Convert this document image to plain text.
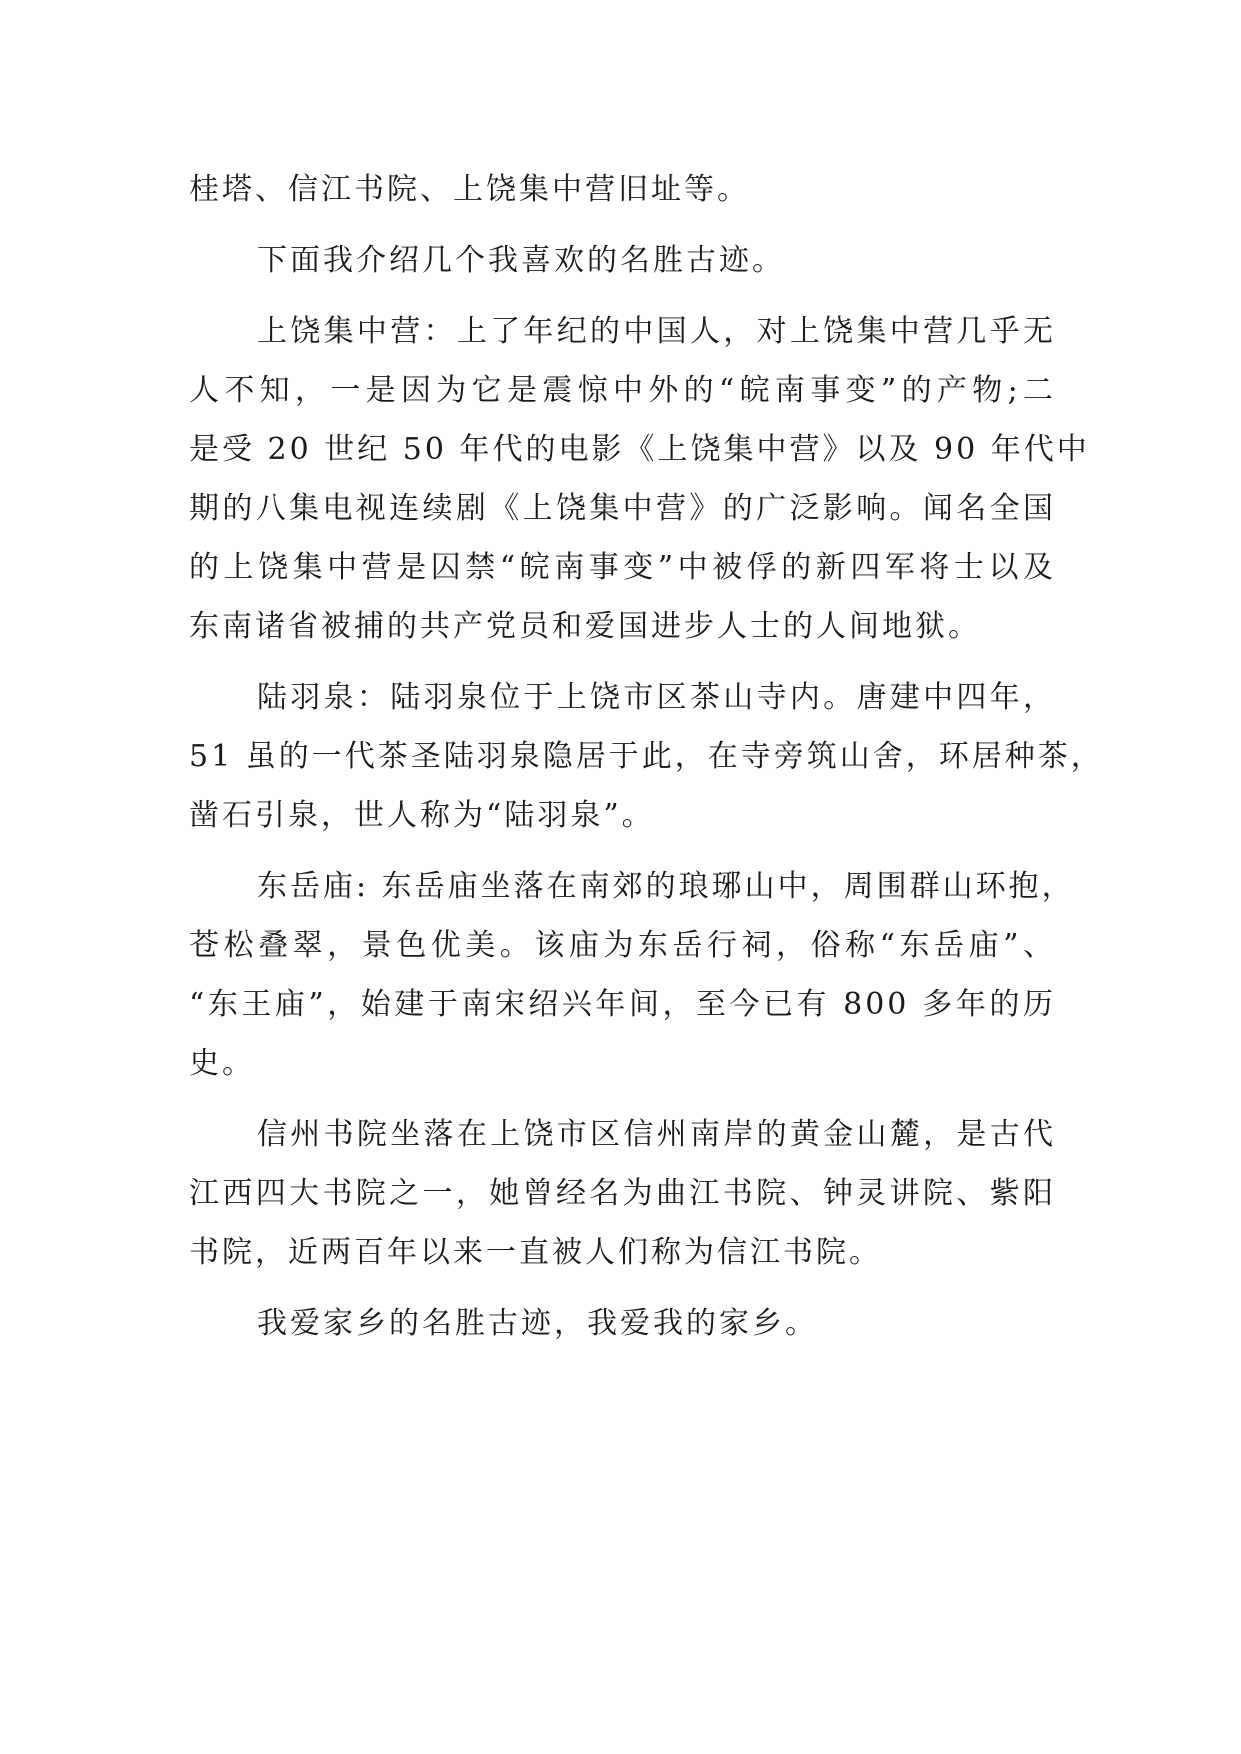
桂塔、信江书院、上饶集中营旧址等。
下面我介绍几个我喜欢的名胜古迹。
上饶集中营：上了年纪的中国人，对上饶集中营几乎无
人不知，一是因为它是震惊中外的“皖南事变”的产物;二
是受 20 世纪 50 年代的电影《上饶集中营》以及 90 年代中
期的八集电视连续剧《上饶集中营》的广泛影响。闻名全国
的上饶集中营是囚禁“皖南事变”中被俘的新四军将士以及
东南诸省被捕的共产党员和爱国进步人士的人间地狱。
陆羽泉：陆羽泉位于上饶市区茶山寺内。唐建中四年，
51 虽的一代茶圣陆羽泉隐居于此，在寺旁筑山舍，环居种茶，
凿石引泉，世人称为“陆羽泉”。
东岳庙: 东岳庙坐落在南郊的琅琊山中，周围群山环抱，
苍松叠翠，景色优美。该庙为东岳行祠，俗称“东岳庙”、
“东王庙”，始建于南宋绍兴年间，至今已有 800 多年的历
史。
信州书院坐落在上饶市区信州南岸的黄金山麓，是古代
江西四大书院之一，她曾经名为曲江书院、钟灵讲院、紫阳
书院，近两百年以来一直被人们称为信江书院。
我爱家乡的名胜古迹，我爱我的家乡。
